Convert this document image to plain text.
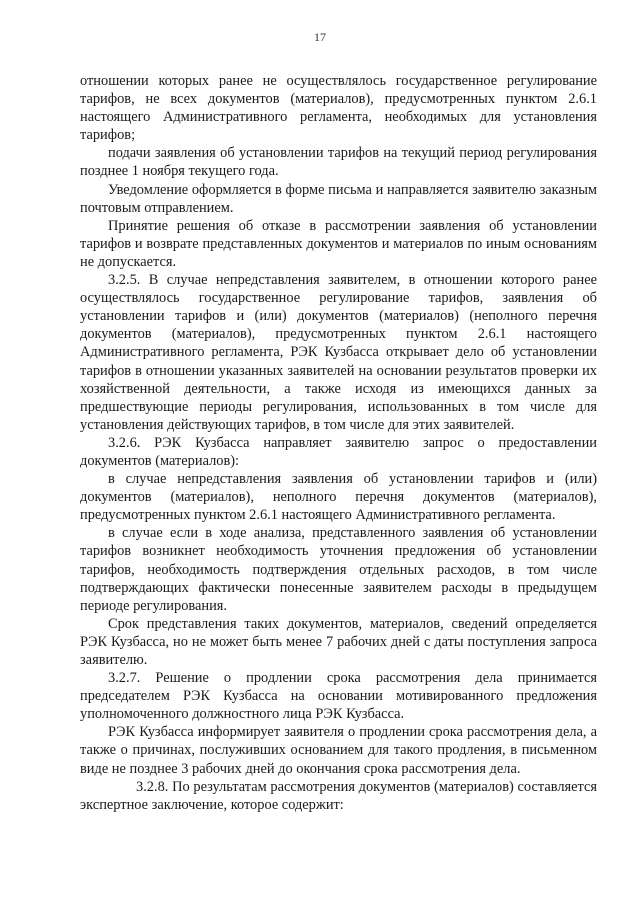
17

отношении которых ранее не осуществлялось государственное регулирование тарифов, не всех документов (материалов), предусмотренных пунктом 2.6.1 настоящего Административного регламента, необходимых для установления тарифов;

подачи заявления об установлении тарифов на текущий период регулирования позднее 1 ноября текущего года.

Уведомление оформляется в форме письма и направляется заявителю заказным почтовым отправлением.

Принятие решения об отказе в рассмотрении заявления об установлении тарифов и возврате представленных документов и материалов по иным основаниям не допускается.

3.2.5. В случае непредставления заявителем, в отношении которого ранее осуществлялось государственное регулирование тарифов, заявления об установлении тарифов и (или) документов (материалов) (неполного перечня документов (материалов), предусмотренных пунктом 2.6.1 настоящего Административного регламента, РЭК Кузбасса открывает дело об установлении тарифов в отношении указанных заявителей на основании результатов проверки их хозяйственной деятельности, а также исходя из имеющихся данных за предшествующие периоды регулирования, использованных в том числе для установления действующих тарифов, в том числе для этих заявителей.

3.2.6. РЭК Кузбасса направляет заявителю запрос о предоставлении документов (материалов):

в случае непредставления заявления об установлении тарифов и (или) документов (материалов), неполного перечня документов (материалов), предусмотренных пунктом 2.6.1 настоящего Административного регламента.

в случае если в ходе анализа, представленного заявления об установлении тарифов возникнет необходимость уточнения предложения об установлении тарифов, необходимость подтверждения отдельных расходов, в том числе подтверждающих фактически понесенные заявителем расходы в предыдущем периоде регулирования.

Срок представления таких документов, материалов, сведений определяется РЭК Кузбасса, но не может быть менее 7 рабочих дней с даты поступления запроса заявителю.

3.2.7. Решение о продлении срока рассмотрения дела принимается председателем РЭК Кузбасса на основании мотивированного предложения уполномоченного должностного лица РЭК Кузбасса.

РЭК Кузбасса информирует заявителя о продлении срока рассмотрения дела, а также о причинах, послуживших основанием для такого продления, в письменном виде не позднее 3 рабочих дней до окончания срока рассмотрения дела.

3.2.8. По результатам рассмотрения документов (материалов) составляется экспертное заключение, которое содержит:
